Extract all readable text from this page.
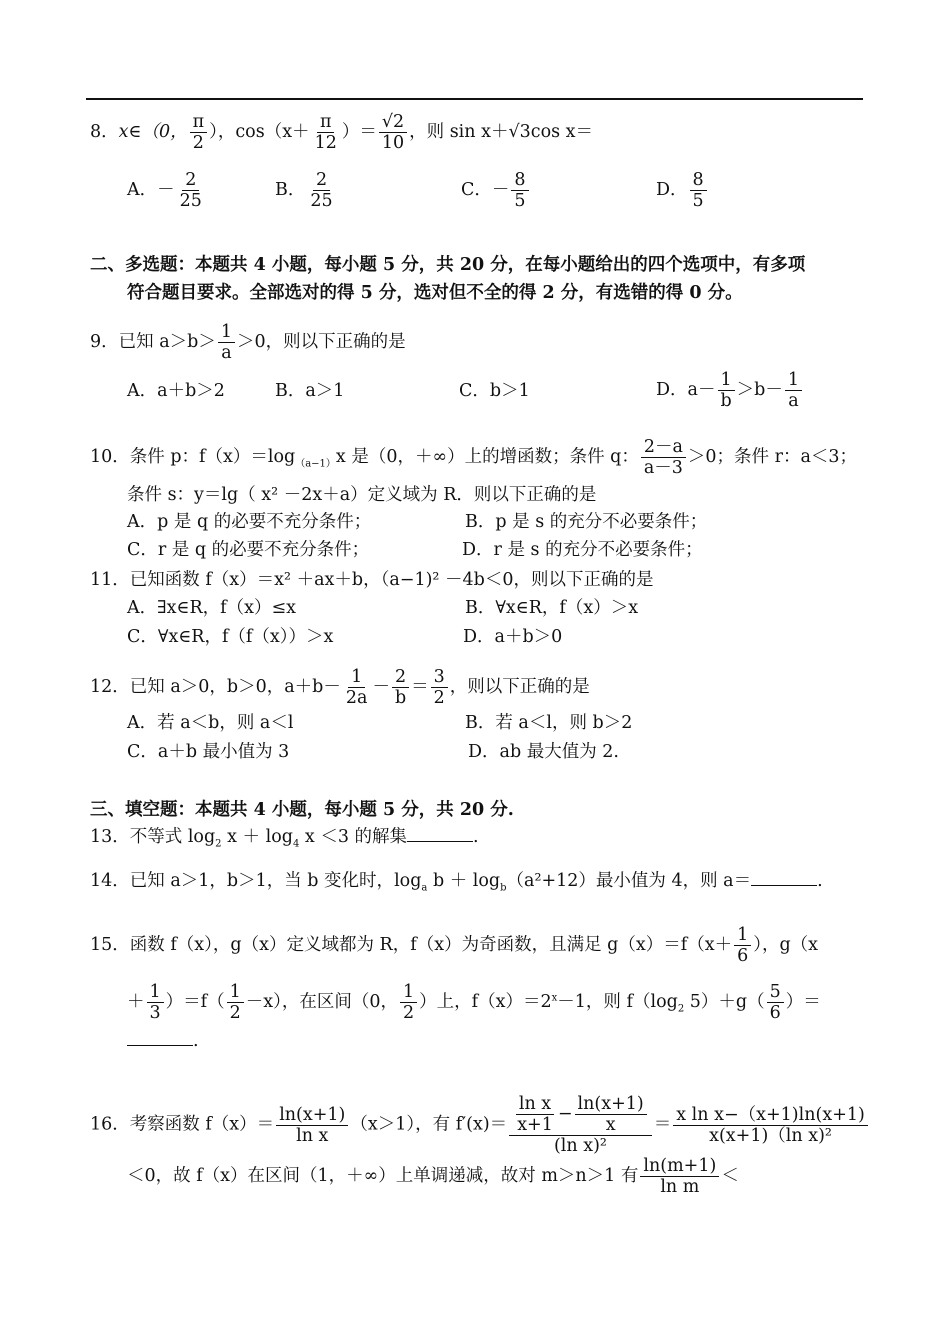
8．x∈（0， $\frac{\pi}{2}$ ），$\cos(x+ \frac{\pi}{12}$ ）＝ $\frac{√2}{10}$ ，则 sin x＋√3cos x＝
A．－ $\frac{2}{25}$	B． $\frac{2}{25}$	C．－ $\frac{8}{5}$	D． $\frac{8}{5}$
二、多选题：本题共 4 小题，每小题 5 分，共 20 分，在每小题给出的四个选项中，有多项
符合题目要求。全部选对的得 5 分，选对但不全的得 2 分，有选错的得 0 分。
9．已知 $a>b> \frac{1}{a} >0$，则以下正确的是
A．a＋b＞2	B．a＞1	C．b＞1	D．$a- \frac{1}{b} >b- \frac{1}{a}$
10．条件 p：$f(x)=\log_{(a-1)}x$ 是（0，＋∞）上的增函数；条件 q： $\frac{2-a}{a-3} >0$；条件 r：a＜3；
条件 s：y＝lg（ x² －2x＋a）定义域为 R．则以下正确的是
A．p 是 q 的必要不充分条件；	B．p 是 s 的充分不必要条件；
C．r 是 q 的必要不充分条件；	D．r 是 s 的充分不必要条件；
11．已知函数 f（x）＝x² ＋ax＋b，（a−1)² －4b＜0，则以下正确的是
A．∃x∈R，f（x）≤x	B．∀x∈R，f（x）＞x
C．∀x∈R，f（f（x））＞x	D．a＋b＞0
12．已知 a＞0，b＞0，$a+b- \frac{1}{2a} - \frac{2}{b} = \frac{3}{2}$ ，则以下正确的是
A．若 a＜b，则 a＜l	B．若 a＜l，则 b＞2
C．a＋b 最小值为 3	D．ab 最大值为 2.
三、填空题：本题共 4 小题，每小题 5 分，共 20 分.
13．不等式 $\log_2 x + \log_4 x <3$ 的解集	.
14．已知 a＞1，b＞1，当 b 变化时，$\log_a b + \log_b(a^2+12)$最小值为 4，则 a＝	.
15．函数 f（x），g（x）定义域都为 R，f（x）为奇函数，且满足 $g(x)=f(x+ \frac{1}{6}$ ），g（x
＋ $\frac{1}{3} )=f( \frac{1}{2} -x)$，在区间（0， $\frac{1}{2}$ ）上，$f(x)=2^x-1$，则 $f(\log_2$ $5)+g( \frac{5}{6}$ ）＝
.
16．考察函数 $f(x)= \frac{\ln(x+1)}{\text{ln x}} (x>1)$，有 $f'(x)= \frac{\frac{\text{ln x}}{x+1} - \frac{\ln(x+1)}{x}}{\text{(ln x)²}} = \frac{\text{x ln x−（x+1)ln(x+1)}}{\text{x(x+1)（ln x)²}}$
＜0，故 f（x）在区间（1，＋∞）上单调递减，故对 m＞n＞1 有 $\frac{\ln(m+1)}{\text{ln m}}$ ＜
